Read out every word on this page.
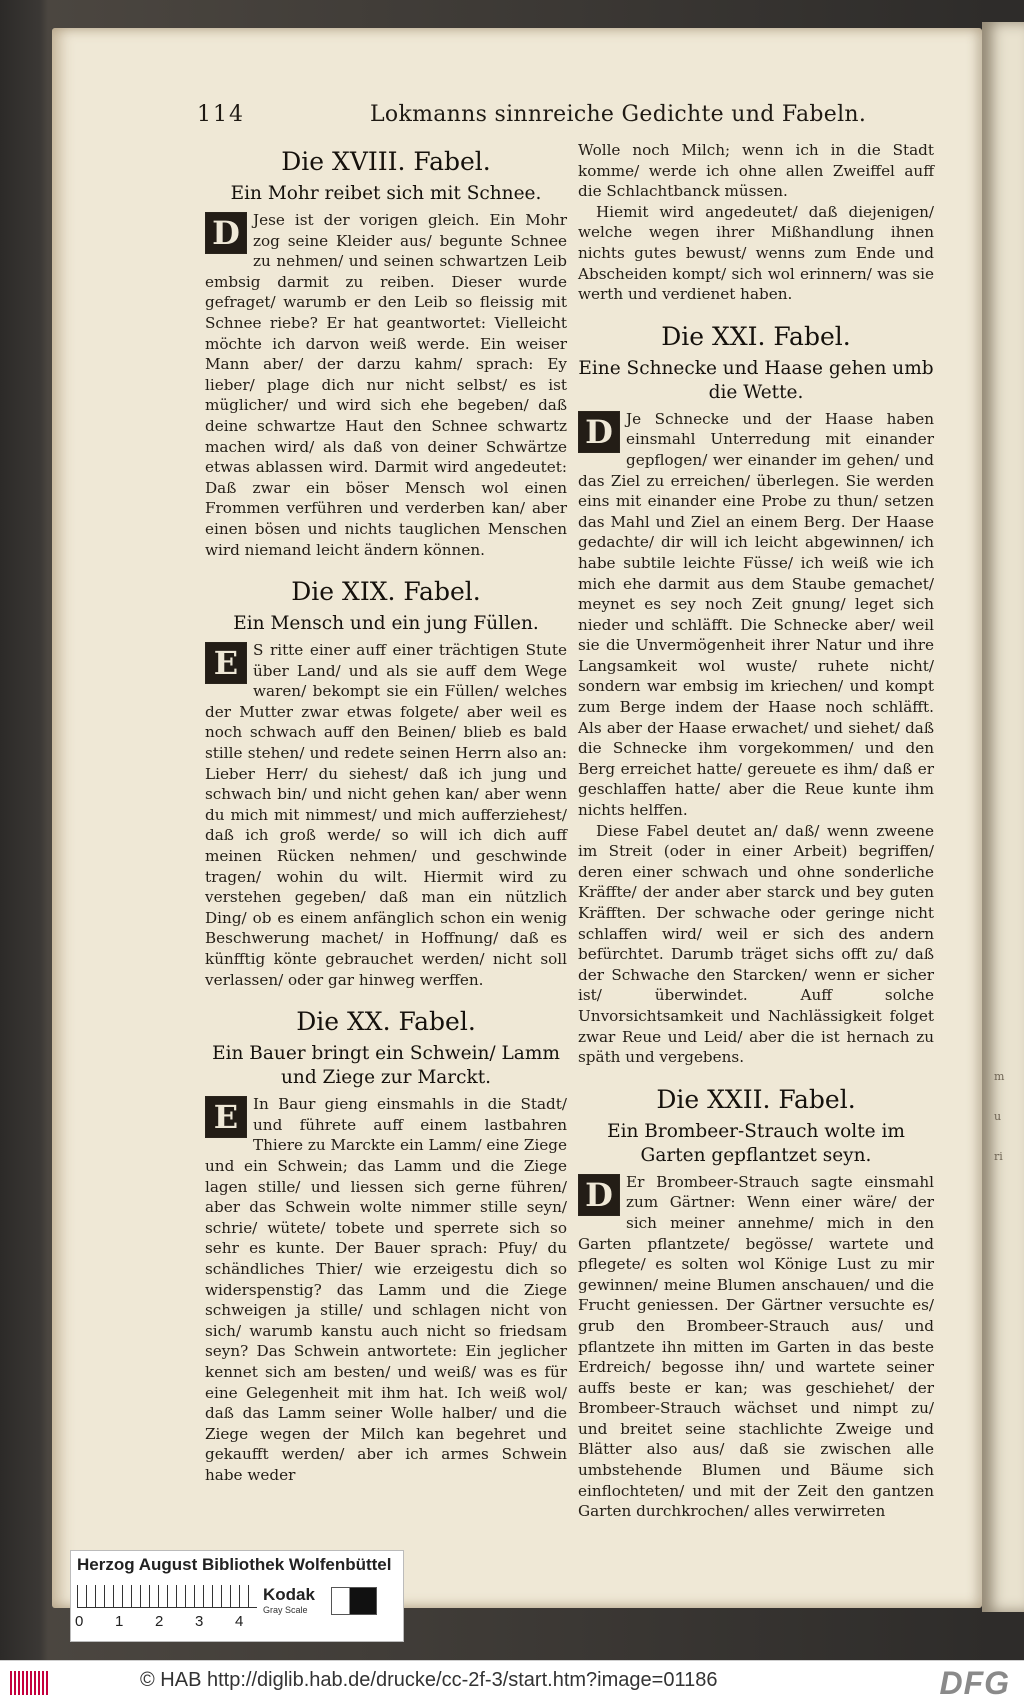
m
u
ri
114	Lokmanns sinnreiche Gedichte und Fabeln.
Die XVIII. Fabel.
Ein Mohr reibet sich mit Schnee.

D Jese ist der vorigen gleich. Ein Mohr zog seine Kleider aus/ begunte Schnee zu nehmen/ und seinen schwartzen Leib embsig darmit zu reiben. Dieser wurde gefraget/ warumb er den Leib so fleissig mit Schnee riebe? Er hat geantwortet: Vielleicht möchte ich darvon weiß werde. Ein weiser Mann aber/ der darzu kahm/ sprach: Ey lieber/ plage dich nur nicht selbst/ es ist müglicher/ und wird sich ehe begeben/ daß deine schwartze Haut den Schnee schwartz machen wird/ als daß von deiner Schwärtze etwas ablassen wird. Darmit wird angedeutet: Daß zwar ein böser Mensch wol einen Frommen verführen und verderben kan/ aber einen bösen und nichts tauglichen Menschen wird niemand leicht ändern können.

Die XIX. Fabel.
Ein Mensch und ein jung Füllen.

E S ritte einer auff einer trächtigen Stute über Land/ und als sie auff dem Wege waren/ bekompt sie ein Füllen/ welches der Mutter zwar etwas folgete/ aber weil es noch schwach auff den Beinen/ blieb es bald stille stehen/ und redete seinen Herrn also an: Lieber Herr/ du siehest/ daß ich jung und schwach bin/ und nicht gehen kan/ aber wenn du mich mit nimmest/ und mich aufferziehest/ daß ich groß werde/ so will ich dich auff meinen Rücken nehmen/ und geschwinde tragen/ wohin du wilt. Hiermit wird zu verstehen gegeben/ daß man ein nützlich Ding/ ob es einem anfänglich schon ein wenig Beschwerung machet/ in Hoffnung/ daß es künfftig könte gebrauchet werden/ nicht soll verlassen/ oder gar hinweg werffen.

Die XX. Fabel.
Ein Bauer bringt ein Schwein/ Lamm und Ziege zur Marckt.

E In Baur gieng einsmahls in die Stadt/ und führete auff einem lastbahren Thiere zu Marckte ein Lamm/ eine Ziege und ein Schwein; das Lamm und die Ziege lagen stille/ und liessen sich gerne führen/ aber das Schwein wolte nimmer stille seyn/ schrie/ wütete/ tobete und sperrete sich so sehr es kunte. Der Bauer sprach: Pfuy/ du schändliches Thier/ wie erzeigestu dich so widerspenstig? das Lamm und die Ziege schweigen ja stille/ und schlagen nicht von sich/ warumb kanstu auch nicht so friedsam seyn? Das Schwein antwortete: Ein jeglicher kennet sich am besten/ und weiß/ was es für eine Gelegenheit mit ihm hat. Ich weiß wol/ daß das Lamm seiner Wolle halber/ und die Ziege wegen der Milch kan begehret und gekaufft werden/ aber ich armes Schwein habe weder

Wolle noch Milch; wenn ich in die Stadt komme/ werde ich ohne allen Zweiffel auff die Schlachtbanck müssen.

Hiemit wird angedeutet/ daß diejenigen/ welche wegen ihrer Mißhandlung ihnen nichts gutes bewust/ wenns zum Ende und Abscheiden kompt/ sich wol erinnern/ was sie werth und verdienet haben.

Die XXI. Fabel.
Eine Schnecke und Haase gehen umb die Wette.

D Je Schnecke und der Haase haben einsmahl Unterredung mit einander gepflogen/ wer einander im gehen/ und das Ziel zu erreichen/ überlegen. Sie werden eins mit einander eine Probe zu thun/ setzen das Mahl und Ziel an einem Berg. Der Haase gedachte/ dir will ich leicht abgewinnen/ ich habe subtile leichte Füsse/ ich weiß wie ich mich ehe darmit aus dem Staube gemachet/ meynet es sey noch Zeit gnung/ leget sich nieder und schläfft. Die Schnecke aber/ weil sie die Unvermögenheit ihrer Natur und ihre Langsamkeit wol wuste/ ruhete nicht/ sondern war embsig im kriechen/ und kompt zum Berge indem der Haase noch schläfft. Als aber der Haase erwachet/ und siehet/ daß die Schnecke ihm vorgekommen/ und den Berg erreichet hatte/ gereuete es ihm/ daß er geschlaffen hatte/ aber die Reue kunte ihm nichts helffen.

Diese Fabel deutet an/ daß/ wenn zweene im Streit (oder in einer Arbeit) begriffen/ deren einer schwach und ohne sonderliche Kräffte/ der ander aber starck und bey guten Kräfften. Der schwache oder geringe nicht schlaffen wird/ weil er sich des andern befürchtet. Darumb träget sichs offt zu/ daß der Schwache den Starcken/ wenn er sicher ist/ überwindet. Auff solche Unvorsichtsamkeit und Nachlässigkeit folget zwar Reue und Leid/ aber die ist hernach zu späth und vergebens.

Die XXII. Fabel.
Ein Brombeer-Strauch wolte im Garten gepflantzet seyn.

D Er Brombeer-Strauch sagte einsmahl zum Gärtner: Wenn einer wäre/ der sich meiner annehme/ mich in den Garten pflantzete/ begösse/ wartete und pflegete/ es solten wol Könige Lust zu mir gewinnen/ meine Blumen anschauen/ und die Frucht geniessen. Der Gärtner versuchte es/ grub den Brombeer-Strauch aus/ und pflantzete ihn mitten im Garten in das beste Erdreich/ begosse ihn/ und wartete seiner auffs beste er kan; was geschiehet/ der Brombeer-Strauch wächset und nimpt zu/ und breitet seine stachlichte Zweige und Blätter also aus/ daß sie zwischen alle umbstehende Blumen und Bäume sich einflochteten/ und mit der Zeit den gantzen Garten durchkrochen/ alles verwirreten

Herzog August Bibliothek Wolfenbüttel
0 1 2 3 4
Kodak
Gray Scale
© HAB http://diglib.hab.de/drucke/cc-2f-3/start.htm?image=01186	DFG
